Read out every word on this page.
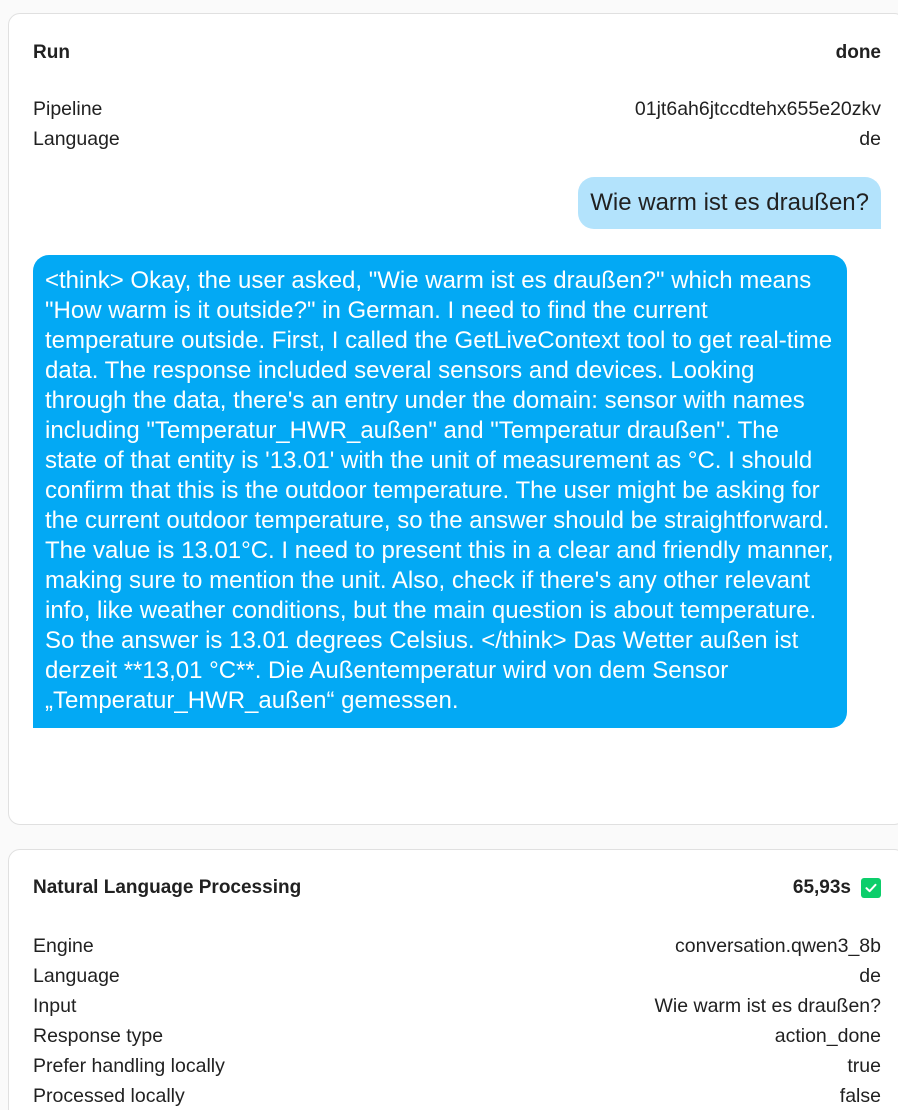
Run	done
Pipeline	01jt6ah6jtccdtehx655e20zkv
Language	de
Wie warm ist es draußen?
<think> Okay, the user asked, "Wie warm ist es draußen?" which means "How warm is it outside?" in German. I need to find the current temperature outside. First, I called the GetLiveContext tool to get real-time data. The response included several sensors and devices. Looking through the data, there's an entry under the domain: sensor with names including "Temperatur_HWR_außen" and "Temperatur draußen". The state of that entity is '13.01' with the unit of measurement as °C. I should confirm that this is the outdoor temperature. The user might be asking for the current outdoor temperature, so the answer should be straightforward. The value is 13.01°C. I need to present this in a clear and friendly manner, making sure to mention the unit. Also, check if there's any other relevant info, like weather conditions, but the main question is about temperature. So the answer is 13.01 degrees Celsius. </think> Das Wetter außen ist derzeit **13,01 °C**. Die Außentemperatur wird von dem Sensor „Temperatur_HWR_außen“ gemessen.
Natural Language Processing	65,93s
Engine	conversation.qwen3_8b
Language	de
Input	Wie warm ist es draußen?
Response type	action_done
Prefer handling locally	true
Processed locally	false
